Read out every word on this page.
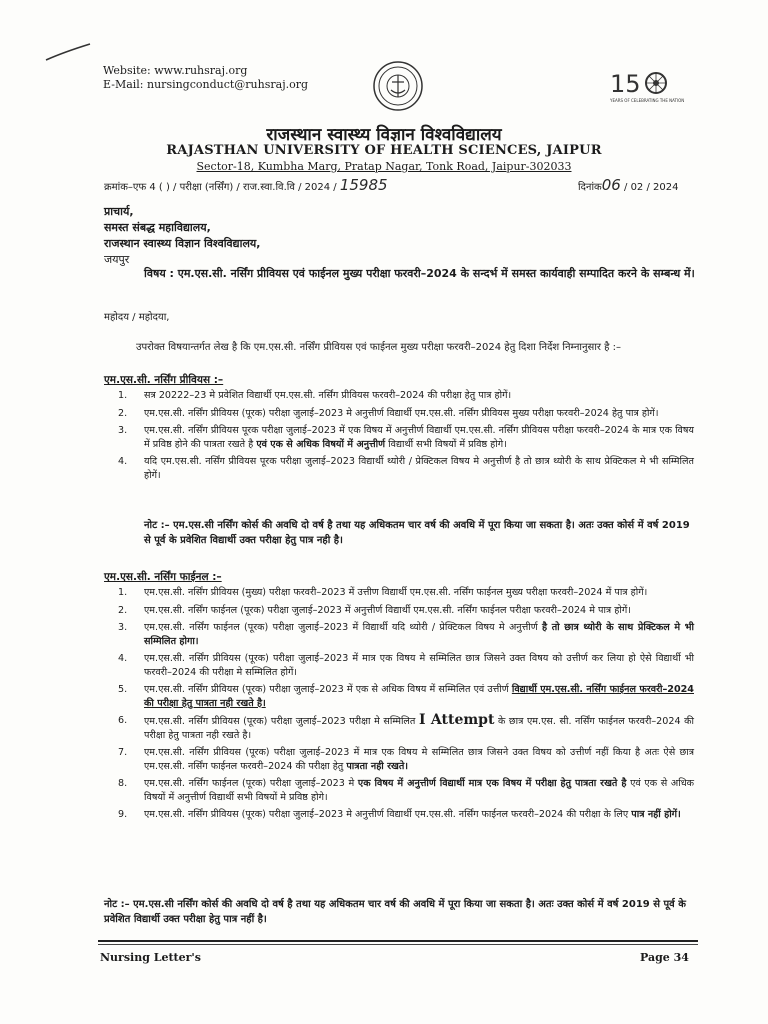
Website: www.ruhsraj.org
E-Mail: nursingconduct@ruhsraj.org	15
YEARS OF CELEBRATING THE NATION
राजस्थान स्वास्थ्य विज्ञान विश्वविद्यालय
RAJASTHAN UNIVERSITY OF HEALTH SCIENCES, JAIPUR
Sector-18, Kumbha Marg, Pratap Nagar, Tonk Road, Jaipur-302033
क्रमांक–एफ 4 ( ) / परीक्षा (नर्सिंग) / राज.स्वा.वि.वि / 2024 / 15985	दिनांक06 / 02 / 2024
प्राचार्य,
समस्त संबद्ध महाविद्यालय,
राजस्थान स्वास्थ्य विज्ञान विश्वविद्यालय,
जयपुर
विषय : एम.एस.सी. नर्सिंग प्रीवियस एवं फाईनल मुख्य परीक्षा फरवरी–2024 के सन्दर्भ में समस्त कार्यवाही सम्पादित करने के सम्बन्ध में।
महोदय / महोदया,
उपरोक्त विषयान्तर्गत लेख है कि एम.एस.सी. नर्सिंग प्रीवियस एवं फाईनल मुख्य परीक्षा फरवरी–2024 हेतु दिशा निर्देश निम्नानुसार है :–
एम.एस.सी. नर्सिंग प्रीवियस :–
1. सत्र 20222–23 मे प्रवेशित विद्यार्थी एम.एस.सी. नर्सिंग प्रीवियस फरवरी–2024 की परीक्षा हेतु पात्र होगें।
2. एम.एस.सी. नर्सिंग प्रीवियस (पूरक) परीक्षा जुलाई–2023 मे अनुत्तीर्ण विद्यार्थी एम.एस.सी. नर्सिंग प्रीवियस मुख्य परीक्षा फरवरी–2024 हेतु पात्र होगें।
3. एम.एस.सी. नर्सिंग प्रीवियस पूरक परीक्षा जुलाई–2023 में एक विषय में अनुत्तीर्ण विद्यार्थी एम.एस.सी. नर्सिंग प्रीवियस परीक्षा फरवरी–2024 के मात्र एक विषय में प्रविष्ठ होने की पात्रता रखते है एवं एक से अधिक विषयों में अनुत्तीर्ण विद्यार्थी सभी विषयों में प्रविष्ठ होगे।
4. यदि एम.एस.सी. नर्सिंग प्रीवियस पूरक परीक्षा जुलाई–2023 विद्यार्थी थ्योरी / प्रेक्टिकल विषय मे अनुत्तीर्ण है तो छात्र थ्योरी के साथ प्रेक्टिकल मे भी सम्मिलित होगें।
नोट :– एम.एस.सी नर्सिंग कोर्स की अवधि दो वर्ष है तथा यह अधिकतम चार वर्ष की अवधि में पूरा किया जा सकता है। अतः उक्त कोर्स में वर्ष 2019 से पूर्व के प्रवेशित विद्यार्थी उक्त परीक्षा हेतु पात्र नही है।
एम.एस.सी. नर्सिंग फाईनल :–
1. एम.एस.सी. नर्सिंग प्रीवियस (मुख्य) परीक्षा फरवरी–2023 में उत्तीण विद्यार्थी एम.एस.सी. नर्सिंग फाईनल मुख्य परीक्षा फरवरी–2024 में पात्र होगें।
2. एम.एस.सी. नर्सिंग फाईनल (पूरक) परीक्षा जुलाई–2023 में अनुत्तीर्ण विद्यार्थी एम.एस.सी. नर्सिंग फाईनल परीक्षा फरवरी–2024 मे पात्र होगें।
3. एम.एस.सी. नर्सिंग फाईनल (पूरक) परीक्षा जुलाई–2023 में विद्यार्थी यदि थ्योरी / प्रेक्टिकल विषय मे अनुत्तीर्ण है तो छात्र थ्योरी के साथ प्रेक्टिकल मे भी सम्मिलित होगा।
4. एम.एस.सी. नर्सिंग प्रीवियस (पूरक) परीक्षा जुलाई–2023 में मात्र एक विषय मे सम्मिलित छात्र जिसने उक्त विषय को उत्तीर्ण कर लिया हो ऐसे विद्यार्थी भी फरवरी–2024 की परीक्षा मे सम्मिलित होगें।
5. एम.एस.सी. नर्सिंग प्रीवियस (पूरक) परीक्षा जुलाई–2023 में एक से अधिक विषय में सम्मिलित एवं उत्तीर्ण विद्यार्थी एम.एस.सी. नर्सिंग फाईनल फरवरी–2024 की परीक्षा हेतु पात्रता नही रखते है।
6. एम.एस.सी. नर्सिंग प्रीवियस (पूरक) परीक्षा जुलाई–2023 परीक्षा मे सम्मिलित I Attempt के छात्र एम.एस. सी. नर्सिंग फाईनल फरवरी–2024 की परीक्षा हेतु पात्रता नही रखते है।
7. एम.एस.सी. नर्सिंग प्रीवियस (पूरक) परीक्षा जुलाई–2023 में मात्र एक विषय मे सम्मिलित छात्र जिसने उक्त विषय को उत्तीर्ण नहीं किया है अतः ऐसे छात्र एम.एस.सी. नर्सिंग फाईनल फरवरी–2024 की परीक्षा हेतु पात्रता नही रखते।
8. एम.एस.सी. नर्सिंग फाईनल (पूरक) परीक्षा जुलाई–2023 मे एक विषय में अनुत्तीर्ण विद्यार्थी मात्र एक विषय में परीक्षा हेतु पात्रता रखते है एवं एक से अधिक विषयों में अनुत्तीर्ण विद्यार्थी सभी विषयों मे प्रविष्ठ होगे।
9. एम.एस.सी. नर्सिंग प्रीवियस (पूरक) परीक्षा जुलाई–2023 मे अनुत्तीर्ण विद्यार्थी एम.एस.सी. नर्सिंग फाईनल फरवरी–2024 की परीक्षा के लिए पात्र नहीं होगें।
नोट :– एम.एस.सी नर्सिंग कोर्स की अवधि दो वर्ष है तथा यह अधिकतम चार वर्ष की अवधि में पूरा किया जा सकता है। अतः उक्त कोर्स में वर्ष 2019 से पूर्व के प्रवेशित विद्यार्थी उक्त परीक्षा हेतु पात्र नहीं है।
Nursing Letter's	Page 34
